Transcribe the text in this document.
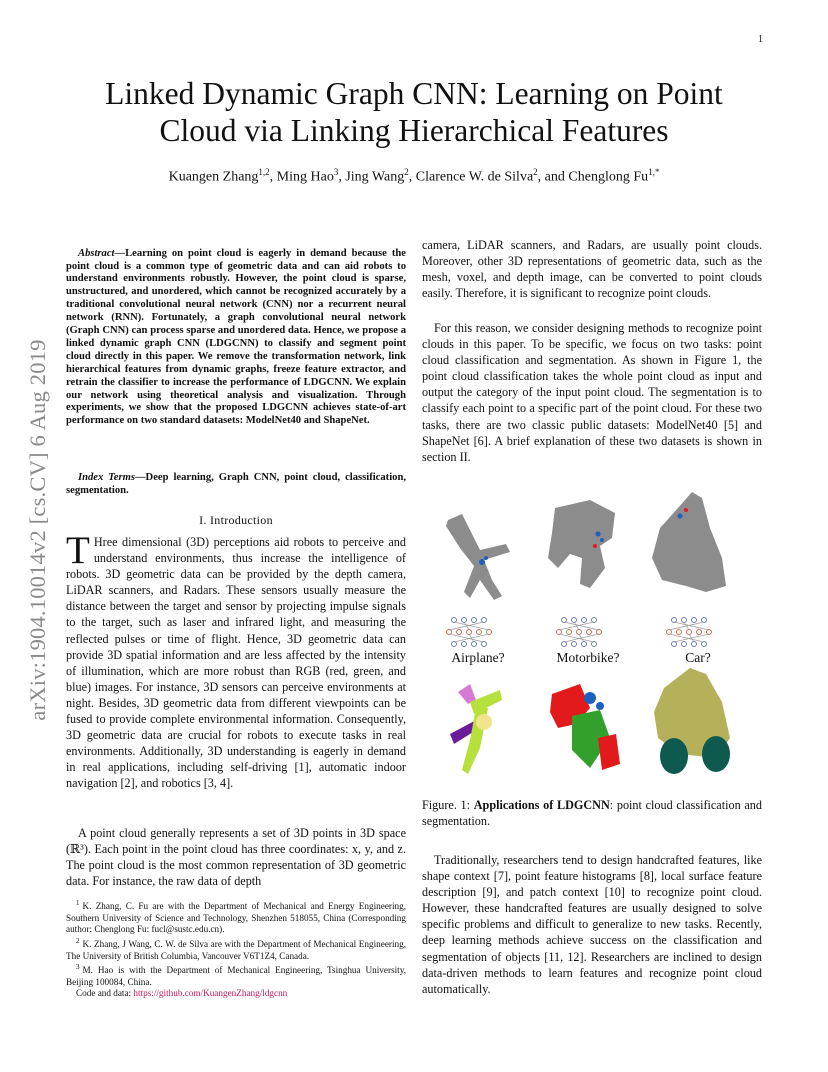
1
arXiv:1904.10014v2 [cs.CV] 6 Aug 2019
Linked Dynamic Graph CNN: Learning on Point
Cloud via Linking Hierarchical Features
Kuangen Zhang$^{1,2}$, Ming Hao$^3$, Jing Wang$^2$, Clarence W. de Silva$^2$, and Chenglong $Fu^{1,*}$

Abstract—Learning on point cloud is eagerly in demand because the point cloud is a common type of geometric data and can aid robots to understand environments robustly. However, the point cloud is sparse, unstructured, and unordered, which cannot be recognized accurately by a traditional convolutional neural network (CNN) nor a recurrent neural network (RNN). Fortunately, a graph convolutional neural network (Graph CNN) can process sparse and unordered data. Hence, we propose a linked dynamic graph CNN (LDGCNN) to classify and segment point cloud directly in this paper. We remove the transformation network, link hierarchical features from dynamic graphs, freeze feature extractor, and retrain the classifier to increase the performance of LDGCNN. We explain our network using theoretical analysis and visualization. Through experiments, we show that the proposed LDGCNN achieves state-of-art performance on two standard datasets: ModelNet40 and ShapeNet.

Index Terms—Deep learning, Graph CNN, point cloud, classification, segmentation.

I. Introduction

T Hree dimensional (3D) perceptions aid robots to perceive and understand environments, thus increase the intelligence of robots. 3D geometric data can be provided by the depth camera, LiDAR scanners, and Radars. These sensors usually measure the distance between the target and sensor by projecting impulse signals to the target, such as laser and infrared light, and measuring the reflected pulses or time of flight. Hence, 3D geometric data can provide 3D spatial information and are less affected by the intensity of illumination, which are more robust than RGB (red, green, and blue) images. For instance, 3D sensors can perceive environments at night. Besides, 3D geometric data from different viewpoints can be fused to provide complete environmental information. Consequently, 3D geometric data are crucial for robots to execute tasks in real environments. Additionally, 3D understanding is eagerly in demand in real applications, including self-driving [1], automatic indoor navigation [2], and robotics [3, 4].

A point cloud generally represents a set of 3D points in 3D space (ℝ³). Each point in the point cloud has three coordinates: x, y, and z. The point cloud is the most common representation of 3D geometric data. For instance, the raw data of depth

$^1$ K. Zhang, C. Fu are with the Department of Mechanical and Energy Engineering, Southern University of Science and Technology, Shenzhen 518055, China (Corresponding author: Chenglong Fu: fucl@sustc.edu.cn).

$^2$ K. Zhang, J Wang, C. W. de Silva are with the Department of Mechanical Engineering, The University of British Columbia, Vancouver V6T1Z4, Canada.

$^3$ M. Hao is with the Department of Mechanical Engineering, Tsinghua University, Beijing 100084, China.

Code and data: https://github.com/KuangenZhang/ldgcnn

camera, LiDAR scanners, and Radars, are usually point clouds. Moreover, other 3D representations of geometric data, such as the mesh, voxel, and depth image, can be converted to point clouds easily. Therefore, it is significant to recognize point clouds.

For this reason, we consider designing methods to recognize point clouds in this paper. To be specific, we focus on two tasks: point cloud classification and segmentation. As shown in Figure 1, the point cloud classification takes the whole point cloud as input and output the category of the input point cloud. The segmentation is to classify each point to a specific part of the point cloud. For these two tasks, there are two classic public datasets: ModelNet40 [5] and ShapeNet [6]. A brief explanation of these two datasets is shown in section II.

Airplane?	Motorbike?	Car?
Figure. 1: Applications of LDGCNN: point cloud classification and segmentation.

Traditionally, researchers tend to design handcrafted features, like shape context [7], point feature histograms [8], local surface feature description [9], and patch context [10] to recognize point cloud. However, these handcrafted features are usually designed to solve specific problems and difficult to generalize to new tasks. Recently, deep learning methods achieve success on the classification and segmentation of objects [11, 12]. Researchers are inclined to design data-driven methods to learn features and recognize point cloud automatically.
